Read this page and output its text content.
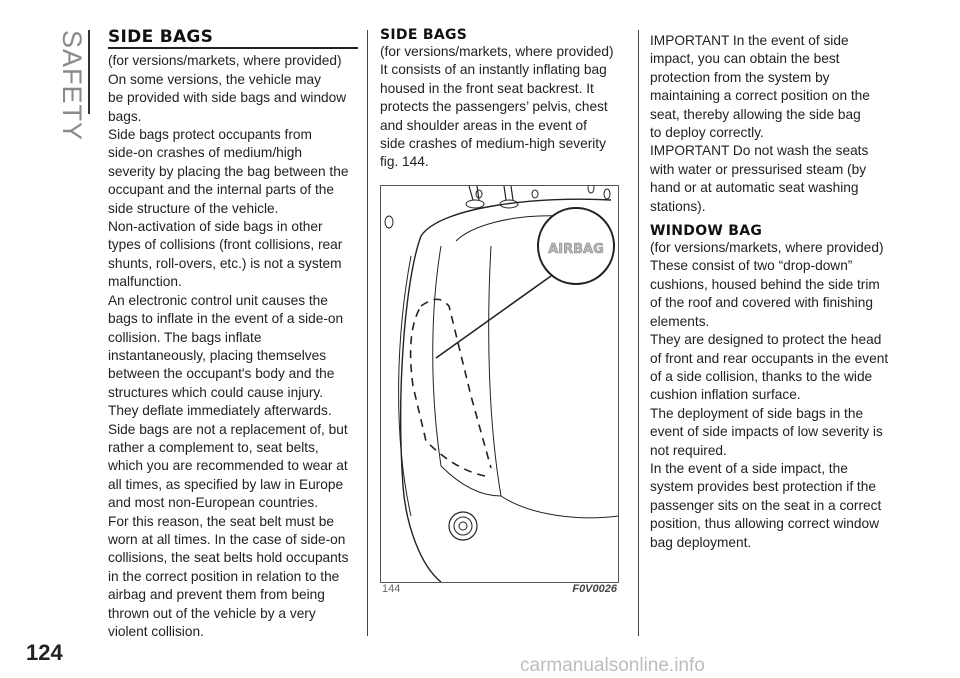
SAFETY SIDE BAGS

(for versions/markets, where provided)

On some versions, the vehicle may

be provided with side bags and window

bags.

Side bags protect occupants from

side-on crashes of medium/high

severity by placing the bag between the

occupant and the internal parts of the

side structure of the vehicle.

Non-activation of side bags in other

types of collisions (front collisions, rear

shunts, roll-overs, etc.) is not a system

malfunction.

An electronic control unit causes the

bags to inflate in the event of a side-on

collision. The bags inflate

instantaneously, placing themselves

between the occupant's body and the

structures which could cause injury.

They deflate immediately afterwards.

Side bags are not a replacement of, but

rather a complement to, seat belts,

which you are recommended to wear at

all times, as specified by law in Europe

and most non-European countries.

For this reason, the seat belt must be

worn at all times. In the case of side-on

collisions, the seat belts hold occupants

in the correct position in relation to the

airbag and prevent them from being

thrown out of the vehicle by a very

violent collision.

SIDE BAGS

(for versions/markets, where provided)

It consists of an instantly inflating bag

housed in the front seat backrest. It

protects the passengers’ pelvis, chest

and shoulder areas in the event of

side crashes of medium-high severity

fig. 144.

AIRBAG
144	F0V0026

IMPORTANT In the event of side

impact, you can obtain the best

protection from the system by

maintaining a correct position on the

seat, thereby allowing the side bag

to deploy correctly.

IMPORTANT Do not wash the seats

with water or pressurised steam (by

hand or at automatic seat washing

stations).

WINDOW BAG

(for versions/markets, where provided)

These consist of two “drop-down”

cushions, housed behind the side trim

of the roof and covered with finishing

elements.

They are designed to protect the head

of front and rear occupants in the event

of a side collision, thanks to the wide

cushion inflation surface.

The deployment of side bags in the

event of side impacts of low severity is

not required.

In the event of a side impact, the

system provides best protection if the

passenger sits on the seat in a correct

position, thus allowing correct window

bag deployment.

124
carmanualsonline.info
